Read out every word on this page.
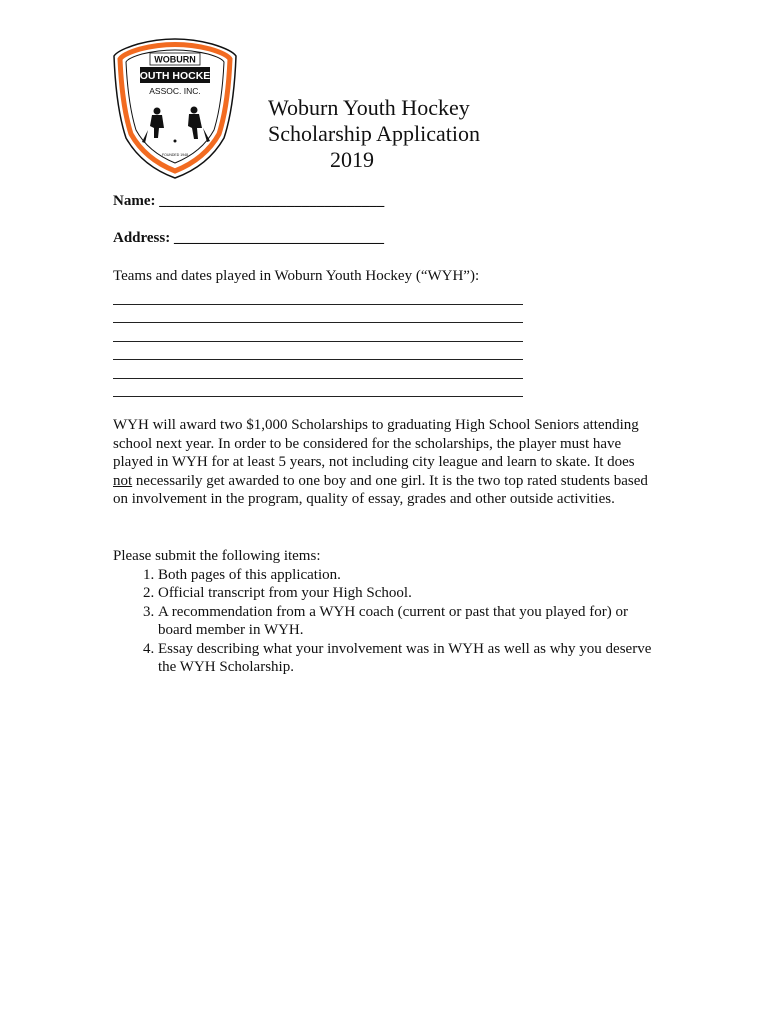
WOBURN
YOUTH HOCKEY
ASSOC. INC.
FOUNDED 1948
Woburn Youth Hockey
Scholarship Application
2019
Name: ______________________________
Address: ____________________________
Teams and dates played in Woburn Youth Hockey (“WYH”):
WYH will award two $1,000 Scholarships to graduating High School Seniors attending school next year. In order to be considered for the scholarships, the player must have played in WYH for at least 5 years, not including city league and learn to skate. It does not necessarily get awarded to one boy and one girl. It is the two top rated students based on involvement in the program, quality of essay, grades and other outside activities.
Please submit the following items:
1. Both pages of this application.
2. Official transcript from your High School.
3. A recommendation from a WYH coach (current or past that you played for) or board member in WYH.
4. Essay describing what your involvement was in WYH as well as why you deserve the WYH Scholarship.
